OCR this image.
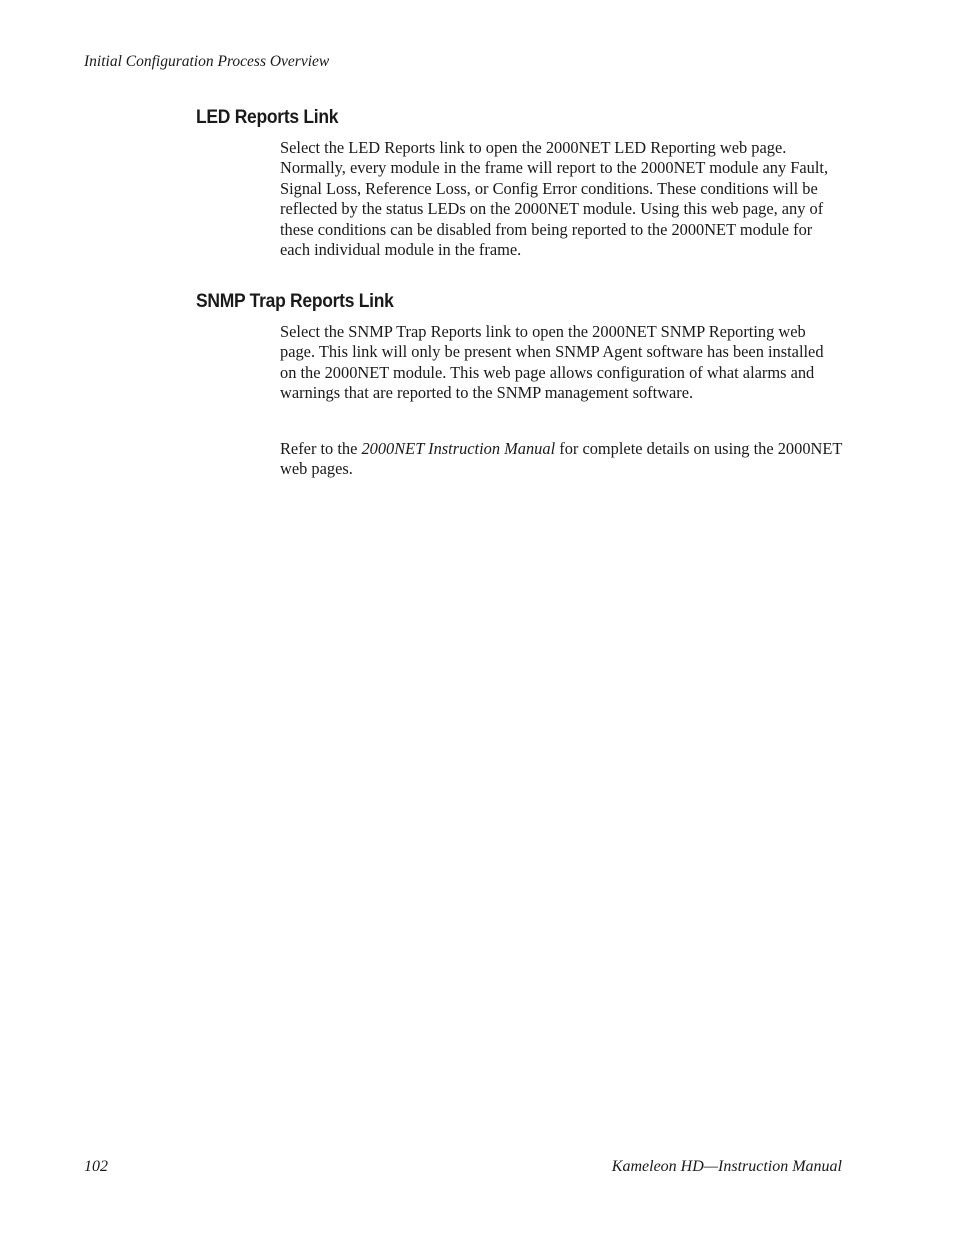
Initial Configuration Process Overview
LED Reports Link

Select the LED Reports link to open the 2000NET LED Reporting web page. Normally, every module in the frame will report to the 2000NET module any Fault, Signal Loss, Reference Loss, or Config Error conditions. These conditions will be reflected by the status LEDs on the 2000NET module. Using this web page, any of these conditions can be disabled from being reported to the 2000NET module for each individual module in the frame.

SNMP Trap Reports Link

Select the SNMP Trap Reports link to open the 2000NET SNMP Reporting web page. This link will only be present when SNMP Agent software has been installed on the 2000NET module. This web page allows configuration of what alarms and warnings that are reported to the SNMP management software.

Refer to the 2000NET Instruction Manual for complete details on using the 2000NET web pages.

102	Kameleon HD—Instruction Manual
